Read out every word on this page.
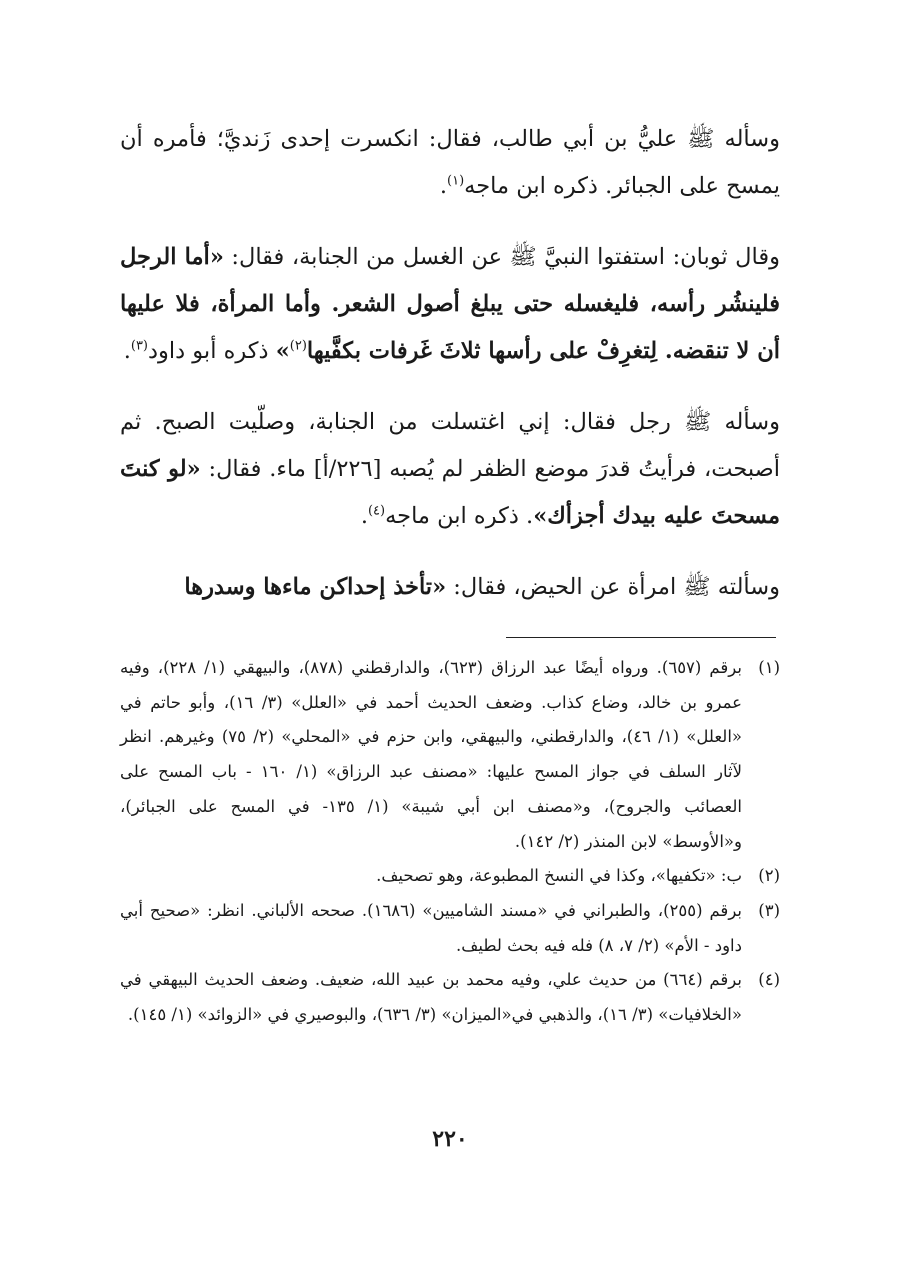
وسأله ﷺ عليُّ بن أبي طالب، فقال: انكسرت إحدى زَنديَّ؛ فأمره أن يمسح على الجبائر. ذكره ابن ماجه$^{(١)}$.

وقال ثوبان: استفتوا النبيَّ ﷺ عن الغسل من الجنابة، فقال: «أما الرجل فلينشُر رأسه، فليغسله حتى يبلغ أصول الشعر. وأما المرأة، فلا عليها أن لا تنقضه. لِتغرِفْ على رأسها ثلاثَ غَرفات بكفَّيها$^{(٢)}$» ذكره أبو داود$^{(٣)}$.

وسأله ﷺ رجل فقال: إني اغتسلت من الجنابة، وصلّيت الصبح. ثم أصبحت، فرأيتُ قدرَ موضع الظفر لم يُصبه [٢٢٦/أ] ماء. فقال: «لو كنتَ مسحتَ عليه بيدك أجزأك». ذكره ابن ماجه$^{(٤)}$.

وسألته ﷺ امرأة عن الحيض، فقال: «تأخذ إحداكن ماءها وسدرها

(١)
برقم (٦٥٧). ورواه أيضًا عبد الرزاق (٦٢٣)، والدارقطني (٨٧٨)، والبيهقي (١/ ٢٢٨)، وفيه عمرو بن خالد، وضاع كذاب. وضعف الحديث أحمد في «العلل» (٣/ ١٦)، وأبو حاتم في «العلل» (١/ ٤٦)، والدارقطني، والبيهقي، وابن حزم في «المحلي» (٢/ ٧٥) وغيرهم. انظر لآثار السلف في جواز المسح عليها: «مصنف عبد الرزاق» (١/ ١٦٠ - باب المسح على العصائب والجروح)، و«مصنف ابن أبي شيبة» (١/ ١٣٥- في المسح على الجبائر)، و«الأوسط» لابن المنذر (٢/ ١٤٢).
(٢)
ب: «تكفيها»، وكذا في النسخ المطبوعة، وهو تصحيف.
(٣)
برقم (٢٥٥)، والطبراني في «مسند الشاميين» (١٦٨٦). صححه الألباني. انظر: «صحيح أبي داود - الأم» (٢/ ٧، ٨) فله فيه بحث لطيف.
(٤)
برقم (٦٦٤) من حديث علي، وفيه محمد بن عبيد الله، ضعيف. وضعف الحديث البيهقي في «الخلافيات» (٣/ ١٦)، والذهبي في«الميزان» (٣/ ٦٣٦)، والبوصيري في «الزوائد» (١/ ١٤٥).
٢٢٠
